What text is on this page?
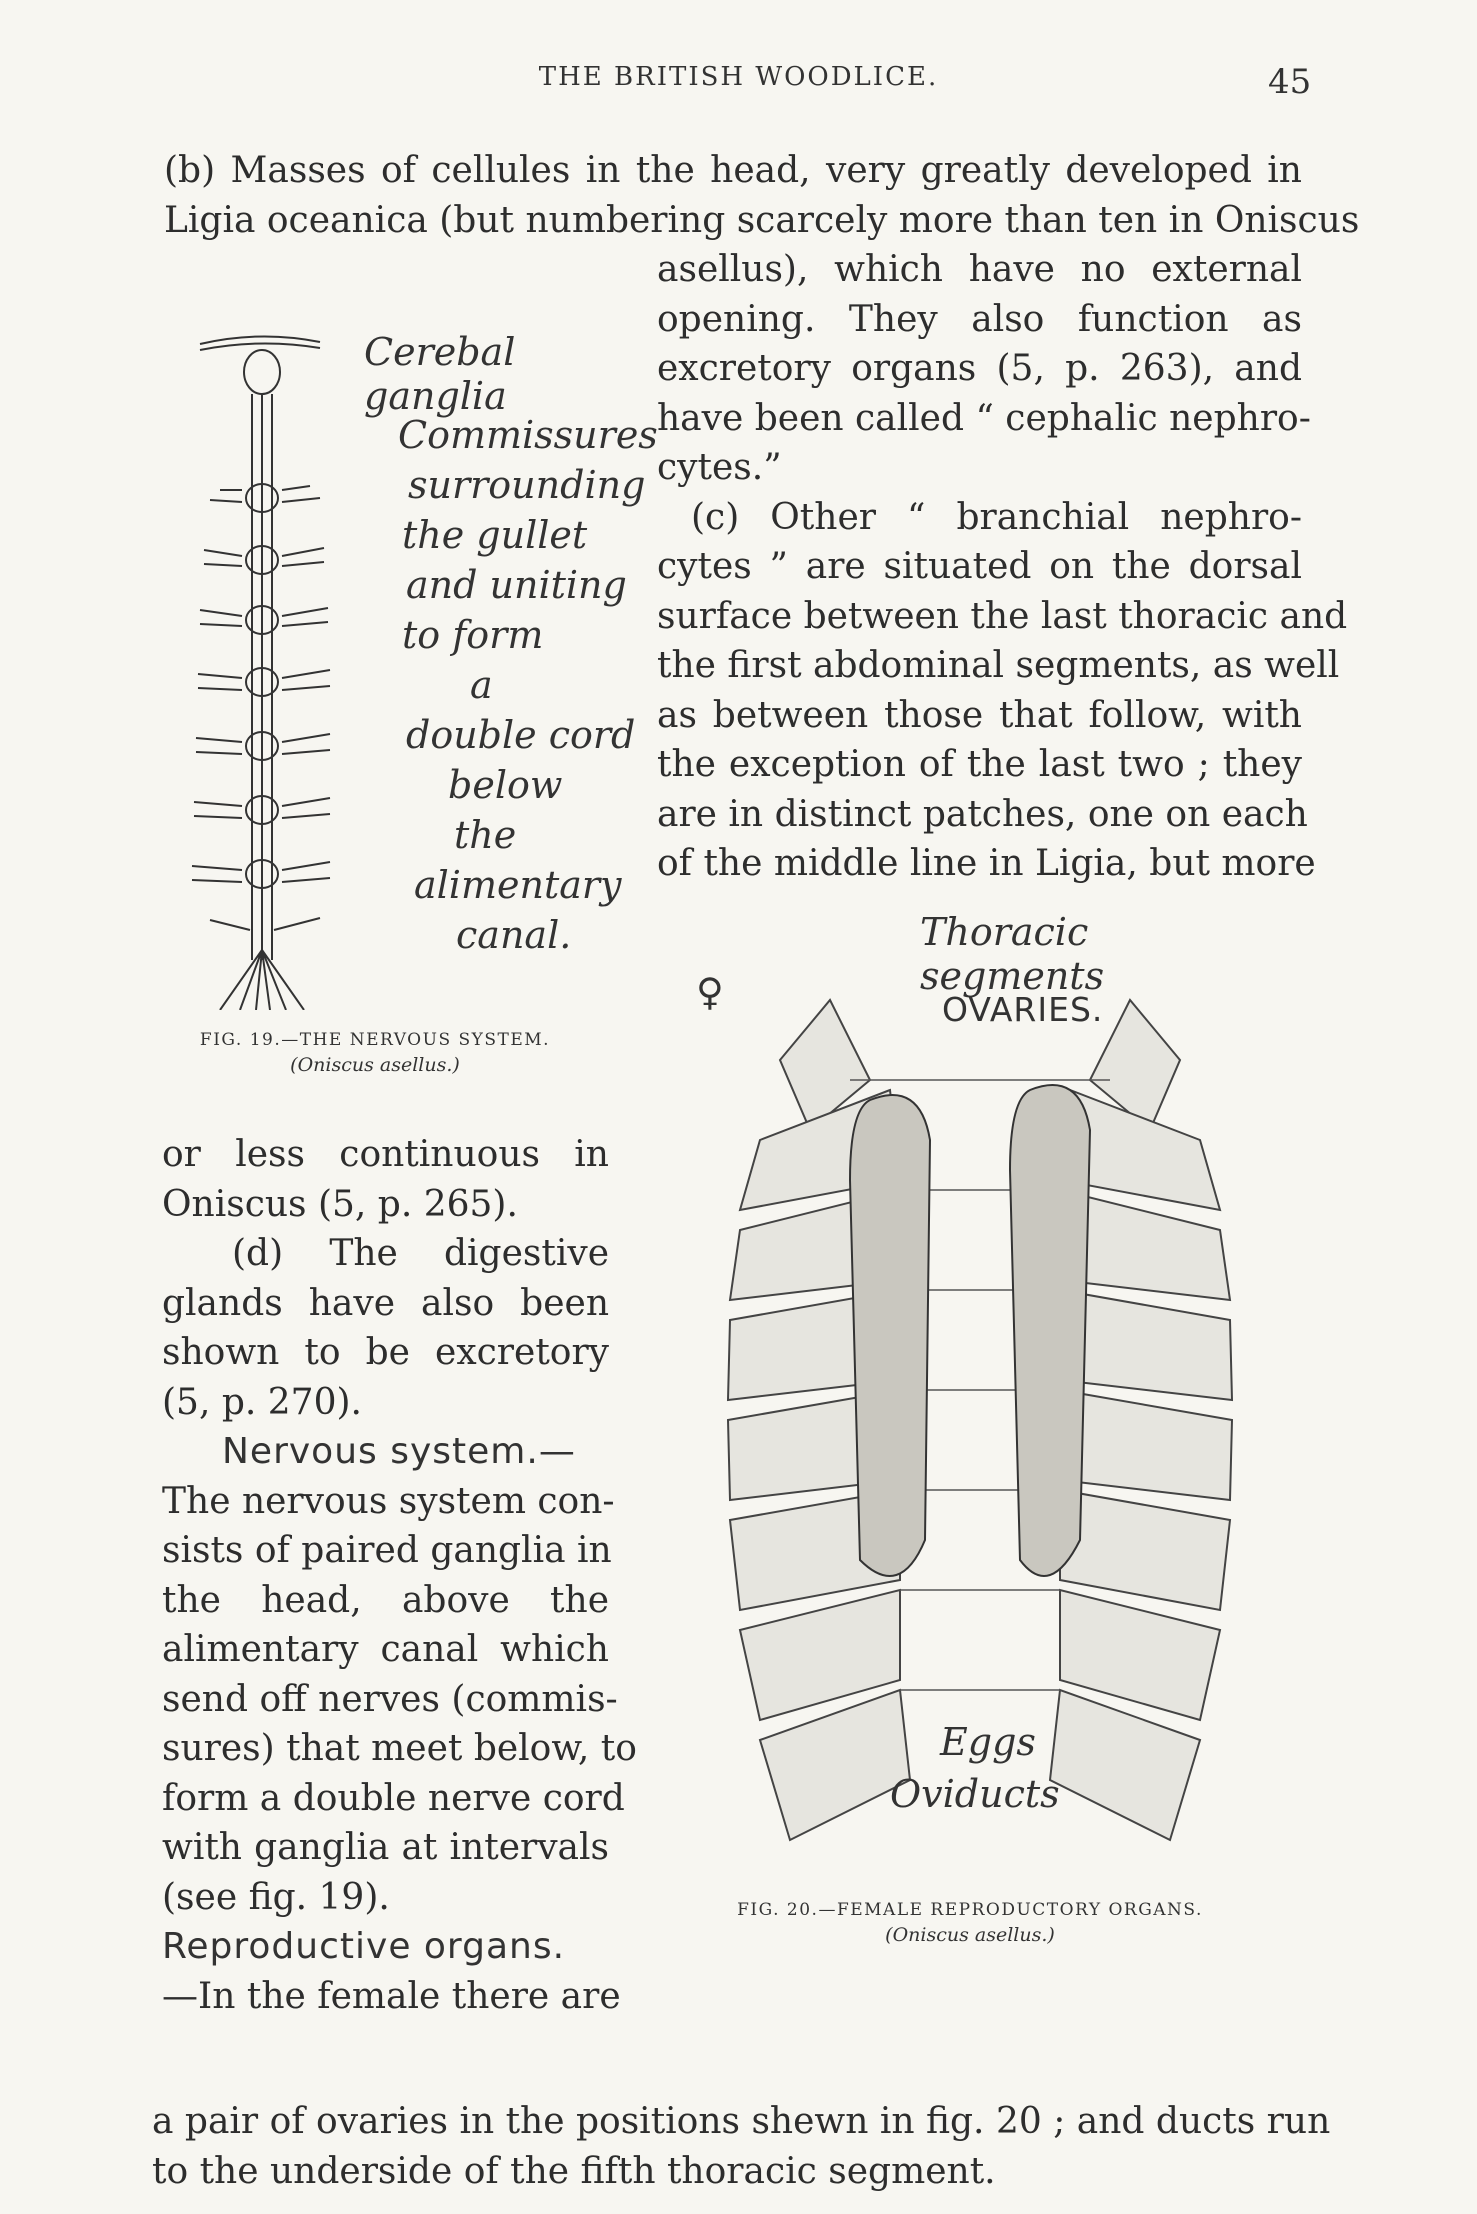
THE BRITISH WOODLICE.	45
(b) Masses of cellules in the head, very greatly developed in
Ligia oceanica (but numbering scarcely more than ten in Oniscus
asellus), which have no external
opening. They also function as
excretory organs (5, p. 263), and
have been called “ cephalic nephro-
cytes.”
(c) Other “ branchial nephro-
cytes ” are situated on the dorsal
surface between the last thoracic and
the first abdominal segments, as well
as between those that follow, with
the exception of the last two ; they
are in distinct patches, one on each
of the middle line in Ligia, but more
or less continuous in
Oniscus (5, p. 265).
(d) The digestive
glands have also been
shown to be excretory
(5, p. 270).
Nervous system.—
The nervous system con-
sists of paired ganglia in
the head, above the
alimentary canal which
send off nerves (commis-
sures) that meet below, to
form a double nerve cord
with ganglia at intervals
(see fig. 19).
Reproductive organs.
—In the female there are
a pair of ovaries in the positions shewn in fig. 20 ; and ducts run
to the underside of the fifth thoracic segment.
Cerebal ganglia
Commissures
surrounding
the gullet
and uniting
to form
a
double cord
below
the
alimentary
canal.
FIG. 19.—THE NERVOUS SYSTEM.
(Oniscus asellus.)
♀
Thoracic segments
OVARIES.
Eggs
Oviducts
FIG. 20.—FEMALE REPRODUCTORY ORGANS.
(Oniscus asellus.)
